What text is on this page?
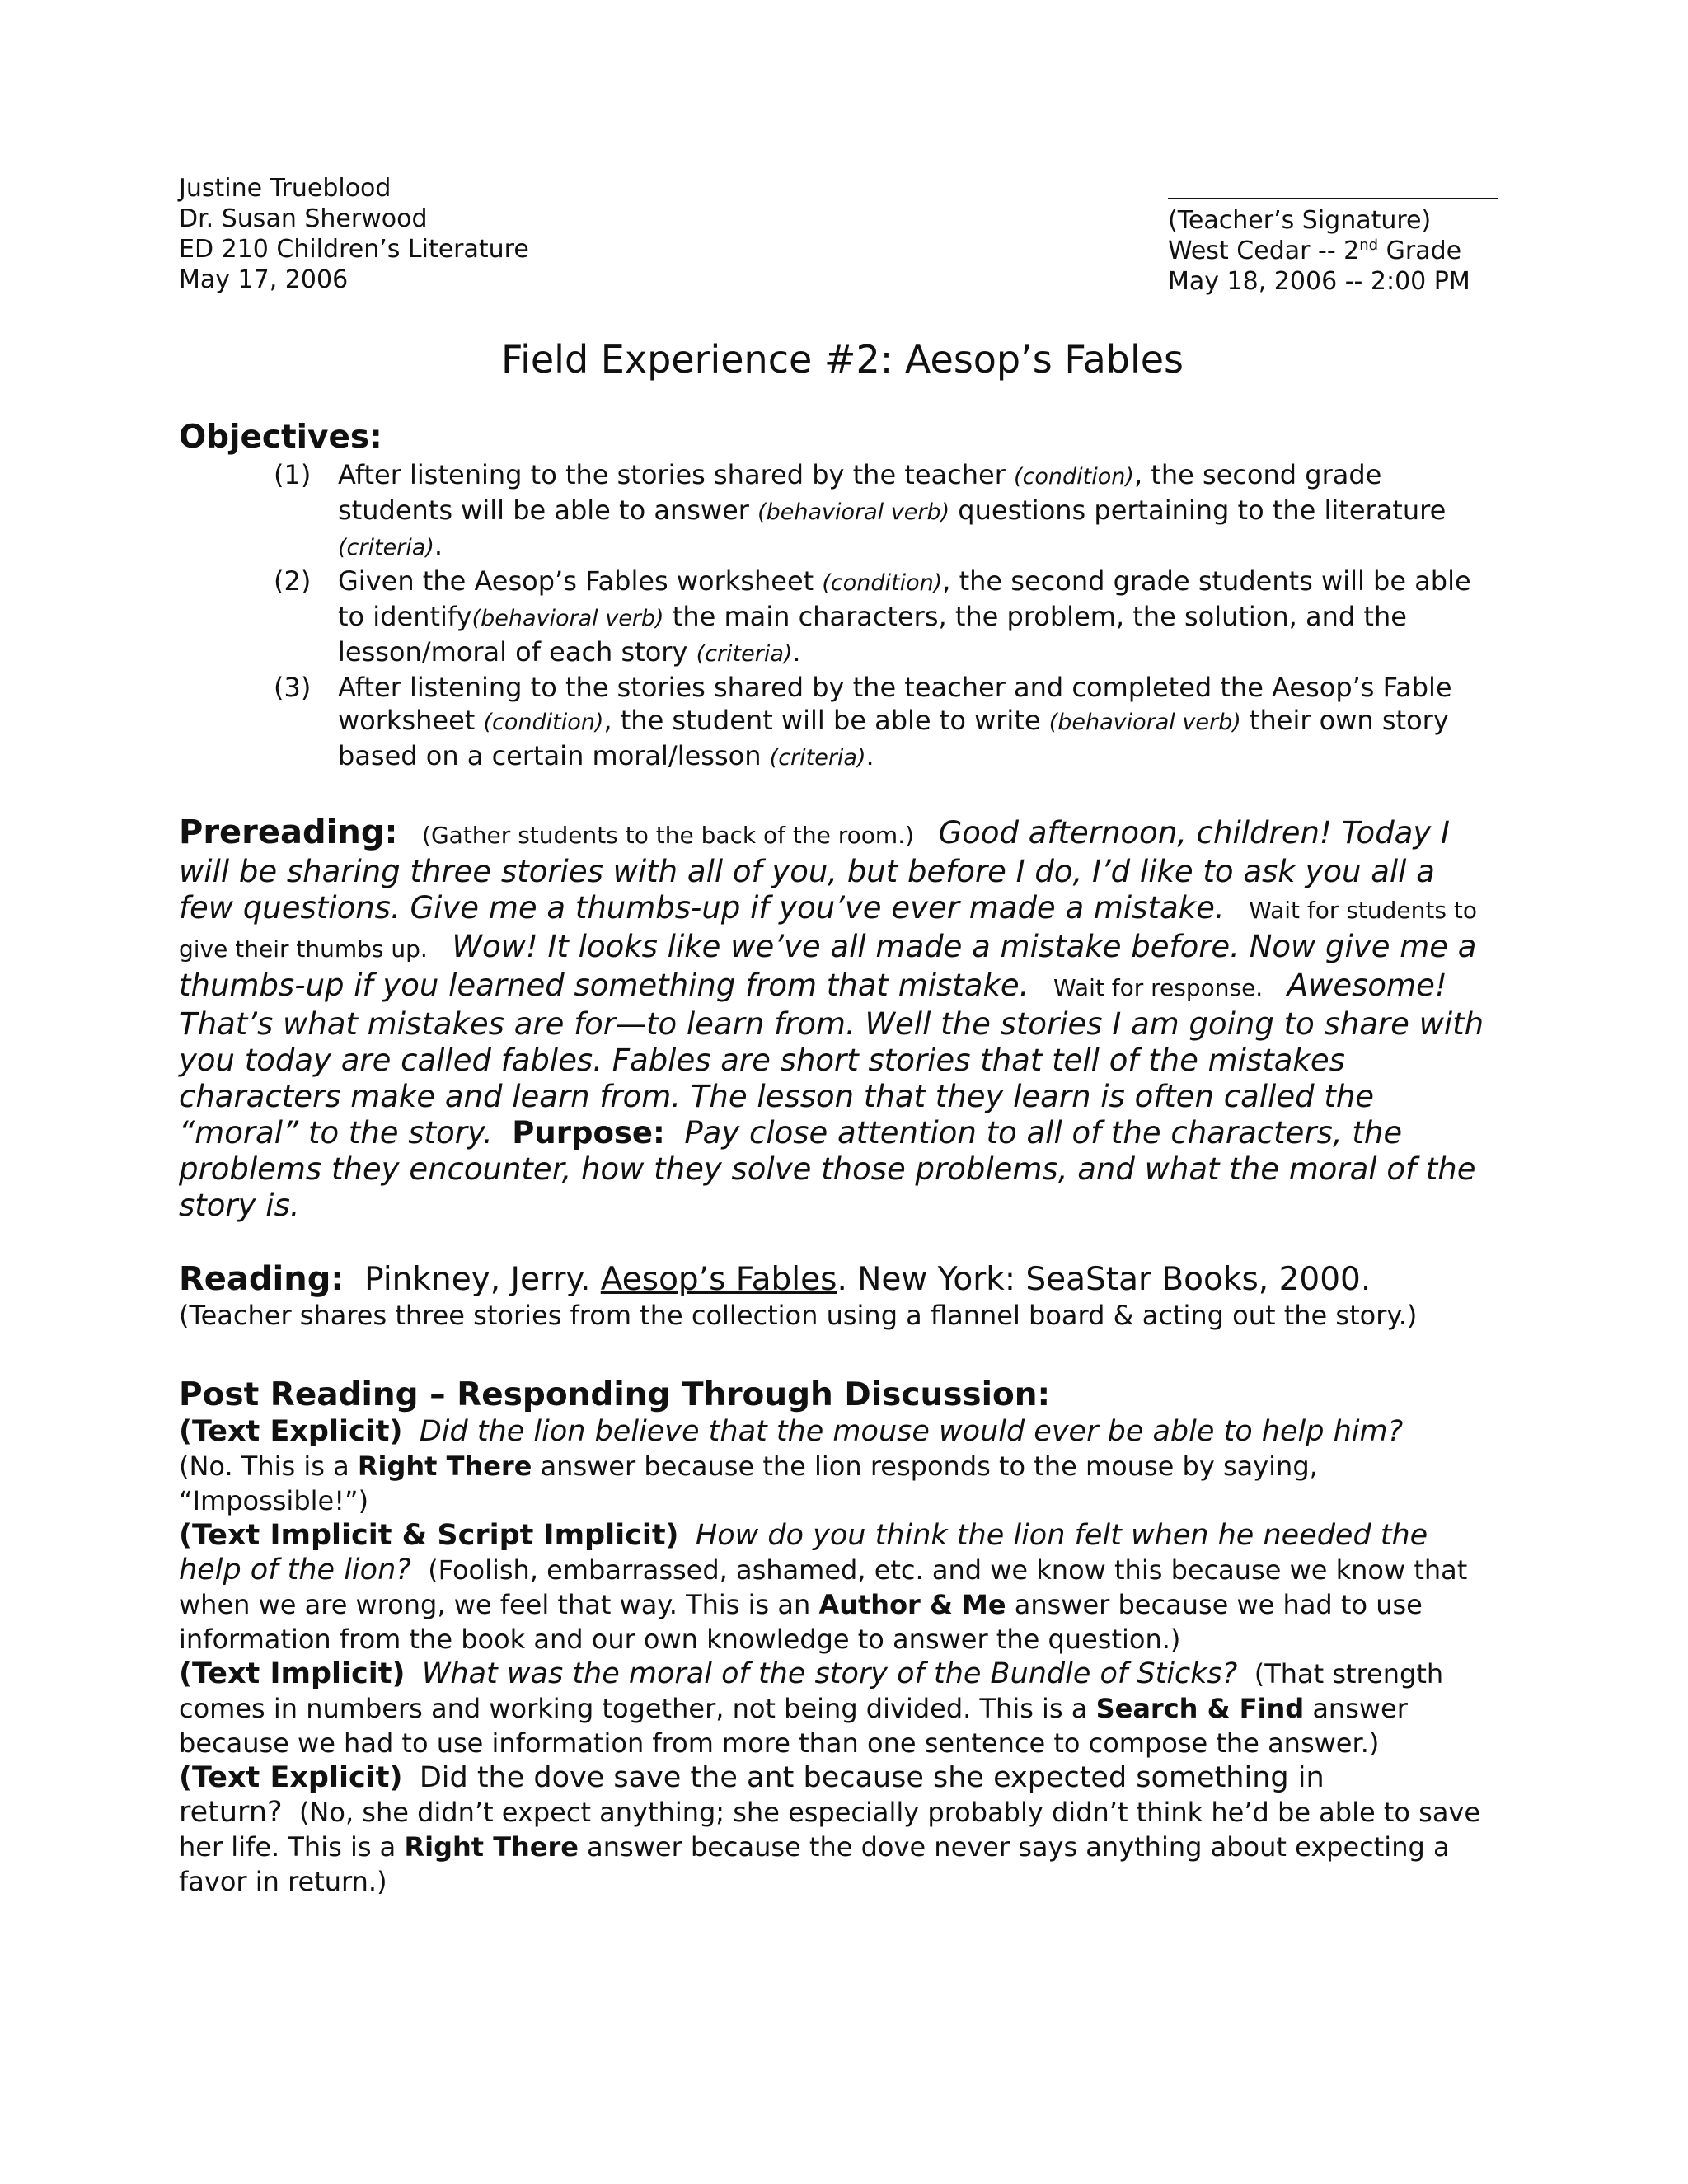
Justine Trueblood
Dr. Susan Sherwood
ED 210 Children’s Literature
May 17, 2006
(Teacher’s Signature)
West Cedar -- 2nd Grade
May 18, 2006 -- 2:00 PM
Field Experience #2: Aesop’s Fables
Objectives:
(1) After listening to the stories shared by the teacher (condition), the second grade students will be able to answer (behavioral verb) questions pertaining to the literature (criteria).
(2) Given the Aesop’s Fables worksheet (condition), the second grade students will be able to identify(behavioral verb) the main characters, the problem, the solution, and the lesson/moral of each story (criteria).
(3) After listening to the stories shared by the teacher and completed the Aesop’s Fable worksheet (condition), the student will be able to write (behavioral verb) their own story based on a certain moral/lesson (criteria).
Prereading: (Gather students to the back of the room.) Good afternoon, children! Today I will be sharing three stories with all of you, but before I do, I’d like to ask you all a few questions. Give me a thumbs-up if you’ve ever made a mistake. Wait for students to give their thumbs up. Wow! It looks like we’ve all made a mistake before. Now give me a thumbs-up if you learned something from that mistake. Wait for response. Awesome! That’s what mistakes are for—to learn from. Well the stories I am going to share with you today are called fables. Fables are short stories that tell of the mistakes characters make and learn from. The lesson that they learn is often called the “moral” to the story. Purpose: Pay close attention to all of the characters, the problems they encounter, how they solve those problems, and what the moral of the story is.
Reading: Pinkney, Jerry. Aesop’s Fables. New York: SeaStar Books, 2000.
(Teacher shares three stories from the collection using a flannel board & acting out the story.)
Post Reading – Responding Through Discussion:
(Text Explicit) Did the lion believe that the mouse would ever be able to help him?
(No. This is a Right There answer because the lion responds to the mouse by saying, “Impossible!”)
(Text Implicit & Script Implicit) How do you think the lion felt when he needed the help of the lion? (Foolish, embarrassed, ashamed, etc. and we know this because we know that when we are wrong, we feel that way. This is an Author & Me answer because we had to use information from the book and our own knowledge to answer the question.)
(Text Implicit) What was the moral of the story of the Bundle of Sticks? (That strength comes in numbers and working together, not being divided. This is a Search & Find answer because we had to use information from more than one sentence to compose the answer.)
(Text Explicit) Did the dove save the ant because she expected something in return? (No, she didn’t expect anything; she especially probably didn’t think he’d be able to save her life. This is a Right There answer because the dove never says anything about expecting a favor in return.)
